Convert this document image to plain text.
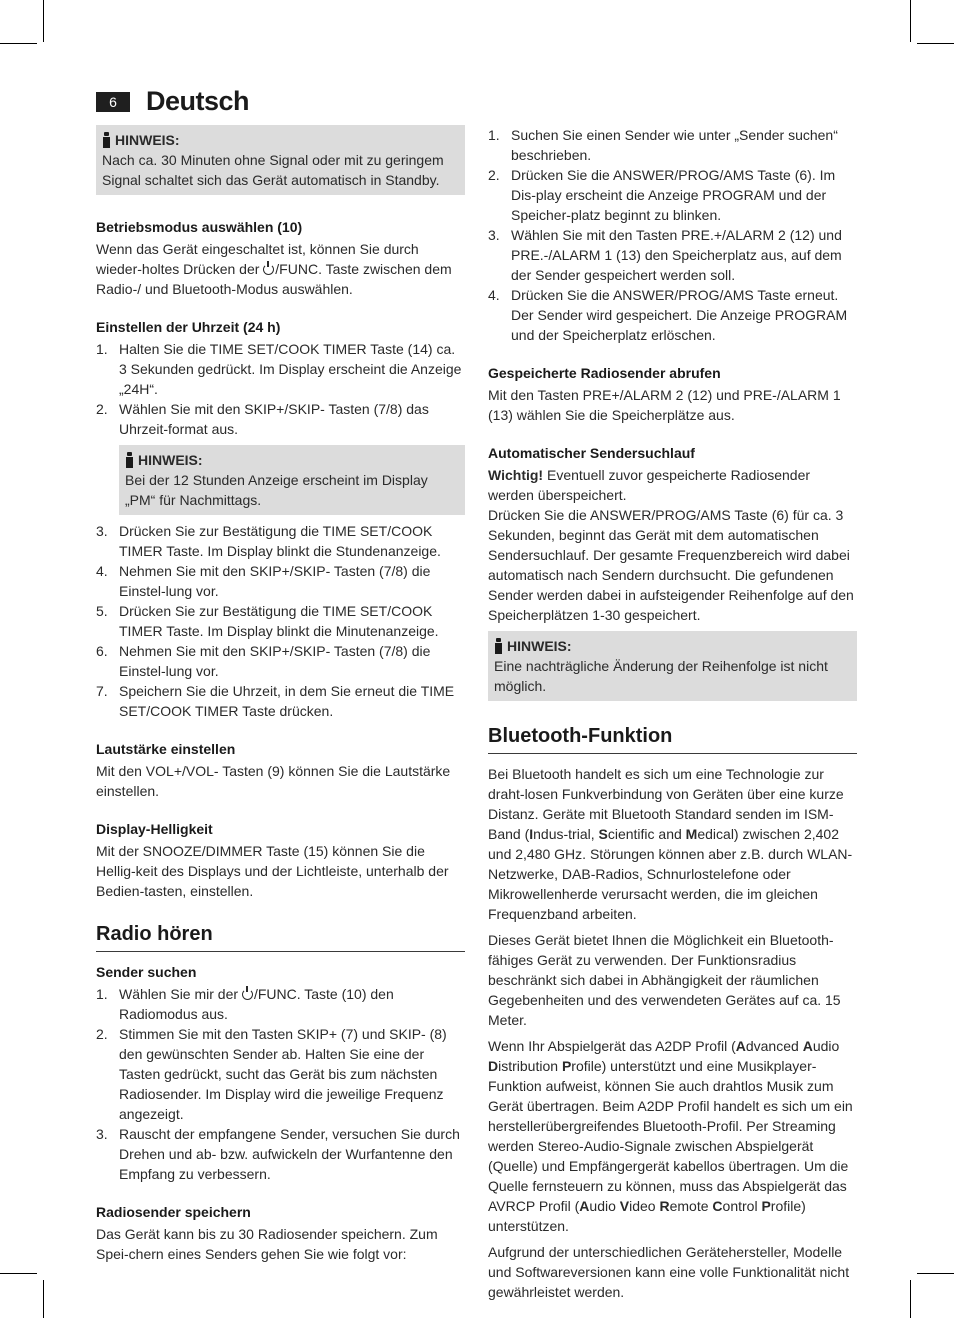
6	Deutsch
HINWEIS:

Nach ca. 30 Minuten ohne Signal oder mit zu geringem Signal schaltet sich das Gerät automatisch in Standby.

Betriebsmodus auswählen (10)

Wenn das Gerät eingeschaltet ist, können Sie durch wieder-holtes Drücken der /FUNC. Taste zwischen dem Radio-/ und Bluetooth-Modus auswählen.

Einstellen der Uhrzeit (24 h)
1. Halten Sie die TIME SET/COOK TIMER Taste (14) ca. 3 Sekunden gedrückt. Im Display erscheint die Anzeige „24H“.
2. Wählen Sie mit den SKIP+/SKIP- Tasten (7/8) das Uhrzeit-format aus.
HINWEIS:

Bei der 12 Stunden Anzeige erscheint im Display „PM“ für Nachmittags.

3. Drücken Sie zur Bestätigung die TIME SET/COOK TIMER Taste. Im Display blinkt die Stundenanzeige.
4. Nehmen Sie mit den SKIP+/SKIP- Tasten (7/8) die Einstel-lung vor.
5. Drücken Sie zur Bestätigung die TIME SET/COOK TIMER Taste. Im Display blinkt die Minutenanzeige.
6. Nehmen Sie mit den SKIP+/SKIP- Tasten (7/8) die Einstel-lung vor.
7. Speichern Sie die Uhrzeit, in dem Sie erneut die TIME SET/COOK TIMER Taste drücken.
Lautstärke einstellen

Mit den VOL+/VOL- Tasten (9) können Sie die Lautstärke einstellen.

Display-Helligkeit

Mit der SNOOZE/DIMMER Taste (15) können Sie die Hellig-keit des Displays und der Lichtleiste, unterhalb der Bedien-tasten, einstellen.

Radio hören
Sender suchen
1. Wählen Sie mir der /FUNC. Taste (10) den Radiomodus aus.
2. Stimmen Sie mit den Tasten SKIP+ (7) und SKIP- (8) den gewünschten Sender ab. Halten Sie eine der Tasten gedrückt, sucht das Gerät bis zum nächsten Radiosender. Im Display wird die jeweilige Frequenz angezeigt.
3. Rauscht der empfangene Sender, versuchen Sie durch Drehen und ab- bzw. aufwickeln der Wurfantenne den Empfang zu verbessern.
Radiosender speichern

Das Gerät kann bis zu 30 Radiosender speichern. Zum Spei-chern eines Senders gehen Sie wie folgt vor:

1. Suchen Sie einen Sender wie unter „Sender suchen“ beschrieben.
2. Drücken Sie die ANSWER/PROG/AMS Taste (6). Im Dis-play erscheint die Anzeige PROGRAM und der Speicher-platz beginnt zu blinken.
3. Wählen Sie mit den Tasten PRE.+/ALARM 2 (12) und PRE.-/ALARM 1 (13) den Speicherplatz aus, auf dem der Sender gespeichert werden soll.
4. Drücken Sie die ANSWER/PROG/AMS Taste erneut. Der Sender wird gespeichert. Die Anzeige PROGRAM und der Speicherplatz erlöschen.
Gespeicherte Radiosender abrufen

Mit den Tasten PRE+/ALARM 2 (12) und PRE-/ALARM 1 (13) wählen Sie die Speicherplätze aus.

Automatischer Sendersuchlauf

Wichtig! Eventuell zuvor gespeicherte Radiosender werden überspeichert.

Drücken Sie die ANSWER/PROG/AMS Taste (6) für ca. 3 Sekunden, beginnt das Gerät mit dem automatischen Sendersuchlauf. Der gesamte Frequenzbereich wird dabei automatisch nach Sendern durchsucht. Die gefundenen Sender werden dabei in aufsteigender Reihenfolge auf den Speicherplätzen 1-30 gespeichert.

HINWEIS:

Eine nachträgliche Änderung der Reihenfolge ist nicht möglich.

Bluetooth-Funktion

Bei Bluetooth handelt es sich um eine Technologie zur draht-losen Funkverbindung von Geräten über eine kurze Distanz. Geräte mit Bluetooth Standard senden im ISM-Band (Indus-trial, Scientific and Medical) zwischen 2,402 und 2,480 GHz. Störungen können aber z.B. durch WLAN-Netzwerke, DAB-Radios, Schnurlostelefone oder Mikrowellenherde verursacht werden, die im gleichen Frequenzband arbeiten.

Dieses Gerät bietet Ihnen die Möglichkeit ein Bluetooth-fähiges Gerät zu verwenden. Der Funktionsradius beschränkt sich dabei in Abhängigkeit der räumlichen Gegebenheiten und des verwendeten Gerätes auf ca. 15 Meter.

Wenn Ihr Abspielgerät das A2DP Profil (Advanced Audio Distribution Profile) unterstützt und eine Musikplayer-Funktion aufweist, können Sie auch drahtlos Musik zum Gerät übertragen. Beim A2DP Profil handelt es sich um ein herstellerübergreifendes Bluetooth-Profil. Per Streaming werden Stereo-Audio-Signale zwischen Abspielgerät (Quelle) und Empfängergerät kabellos übertragen. Um die Quelle fernsteuern zu können, muss das Abspielgerät das AVRCP Profil (Audio Video Remote Control Profile) unterstützen.

Aufgrund der unterschiedlichen Gerätehersteller, Modelle und Softwareversionen kann eine volle Funktionalität nicht gewährleistet werden.
